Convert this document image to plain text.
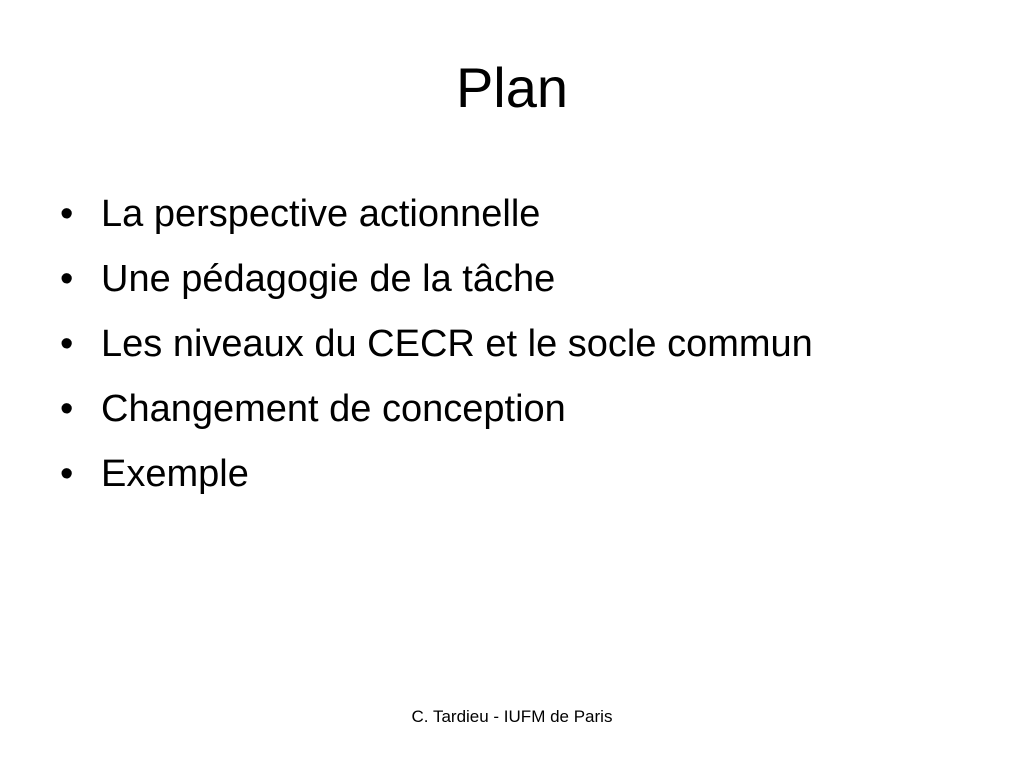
Plan
• La perspective actionnelle
• Une pédagogie de la tâche
• Les niveaux du CECR et le socle commun
• Changement de conception
• Exemple
C. Tardieu - IUFM de Paris
